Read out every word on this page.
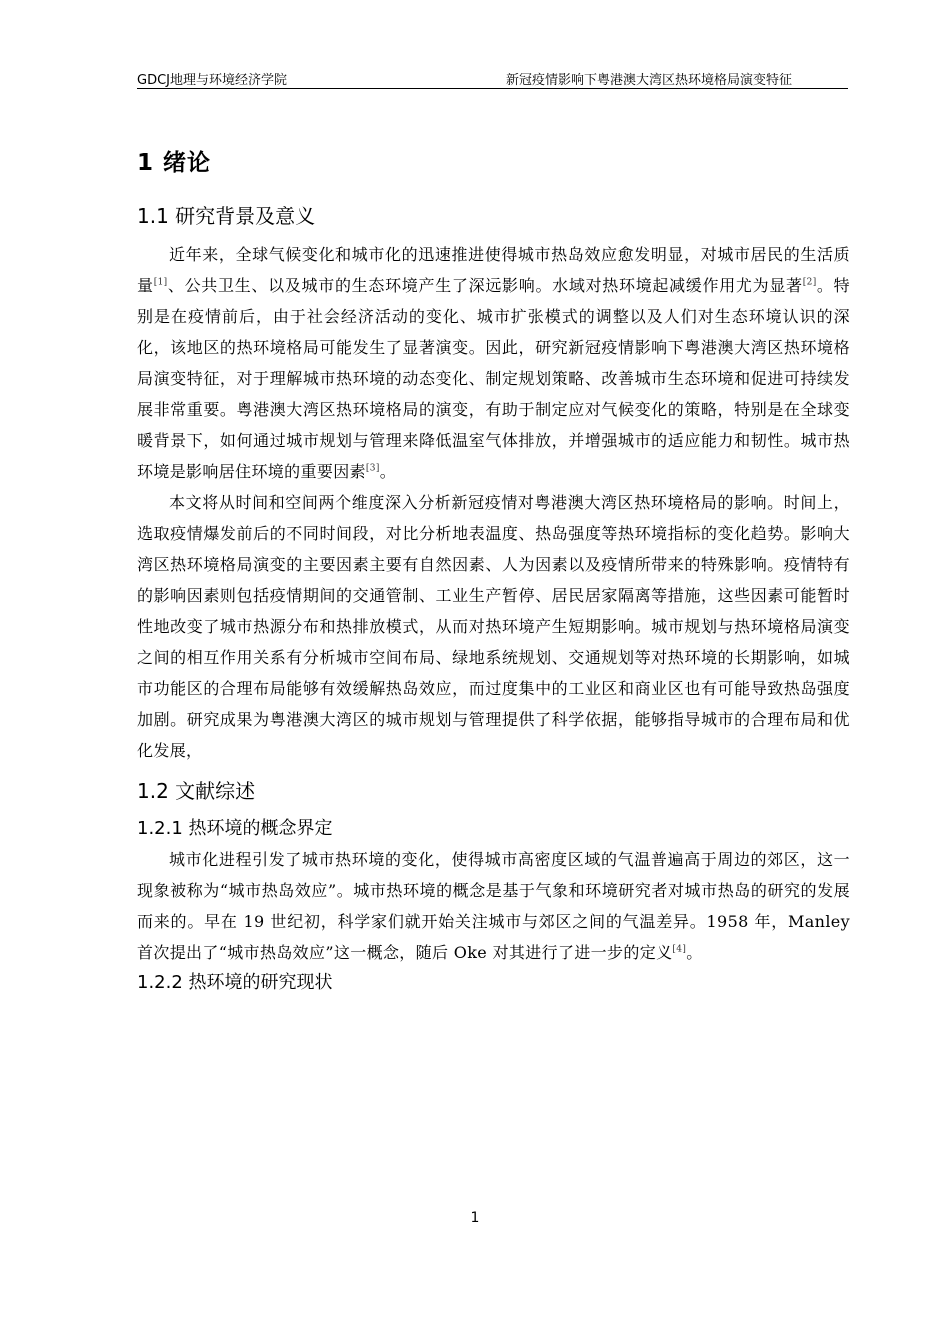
GDCJ地理与环境经济学院	新冠疫情影响下粤港澳大湾区热环境格局演变特征
1 绪论
1.1 研究背景及意义

近年来，全球气候变化和城市化的迅速推进使得城市热岛效应愈发明显，对城市居民的生活质量[1]、公共卫生、以及城市的生态环境产生了深远影响。水域对热环境起减缓作用尤为显著[2]。特别是在疫情前后，由于社会经济活动的变化、城市扩张模式的调整以及人们对生态环境认识的深化，该地区的热环境格局可能发生了显著演变。因此，研究新冠疫情影响下粤港澳大湾区热环境格局演变特征，对于理解城市热环境的动态变化、制定规划策略、改善城市生态环境和促进可持续发展非常重要。粤港澳大湾区热环境格局的演变，有助于制定应对气候变化的策略，特别是在全球变暖背景下，如何通过城市规划与管理来降低温室气体排放，并增强城市的适应能力和韧性。城市热环境是影响居住环境的重要因素[3]。

本文将从时间和空间两个维度深入分析新冠疫情对粤港澳大湾区热环境格局的影响。时间上，选取疫情爆发前后的不同时间段，对比分析地表温度、热岛强度等热环境指标的变化趋势。影响大湾区热环境格局演变的主要因素主要有自然因素、人为因素以及疫情所带来的特殊影响。疫情特有的影响因素则包括疫情期间的交通管制、工业生产暂停、居民居家隔离等措施，这些因素可能暂时性地改变了城市热源分布和热排放模式，从而对热环境产生短期影响。城市规划与热环境格局演变之间的相互作用关系有分析城市空间布局、绿地系统规划、交通规划等对热环境的长期影响，如城市功能区的合理布局能够有效缓解热岛效应，而过度集中的工业区和商业区也有可能导致热岛强度加剧。研究成果为粤港澳大湾区的城市规划与管理提供了科学依据，能够指导城市的合理布局和优化发展，

1.2 文献综述
1.2.1 热环境的概念界定

城市化进程引发了城市热环境的变化，使得城市高密度区域的气温普遍高于周边的郊区，这一现象被称为“城市热岛效应”。城市热环境的概念是基于气象和环境研究者对城市热岛的研究的发展而来的。早在 19 世纪初，科学家们就开始关注城市与郊区之间的气温差异。1958 年，Manley 首次提出了“城市热岛效应”这一概念，随后 Oke 对其进行了进一步的定义[4]。

1.2.2 热环境的研究现状
1
